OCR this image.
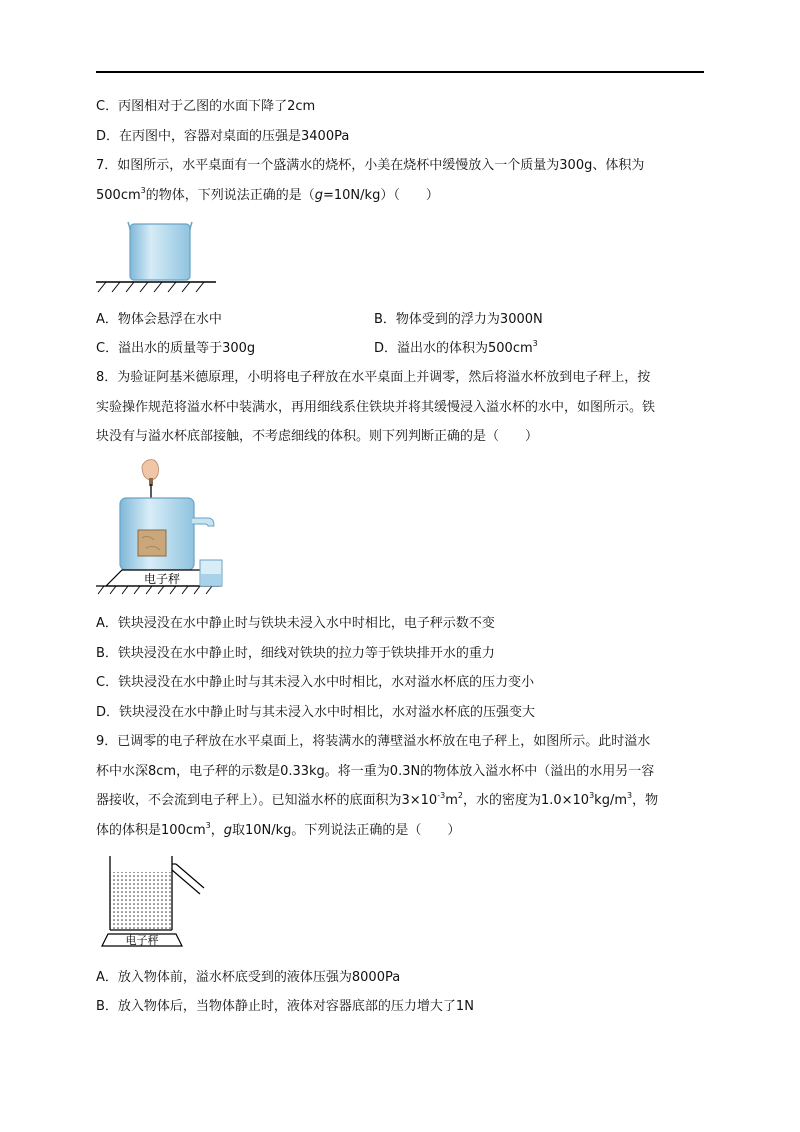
C．丙图相对于乙图的水面下降了2cm
D．在丙图中，容器对桌面的压强是3400Pa
7．如图所示，水平桌面有一个盛满水的烧杯，小美在烧杯中缓慢放入一个质量为300g、体积为
$500cm^3$的物体，下列说法正确的是（g=10N/kg）（　　）
A．物体会悬浮在水中	B．物体受到的浮力为3000N
C．溢出水的质量等于300g	D．溢出水的体积为$500cm^3$
8．为验证阿基米德原理，小明将电子秤放在水平桌面上并调零，然后将溢水杯放到电子秤上，按
实验操作规范将溢水杯中装满水，再用细线系住铁块并将其缓慢浸入溢水杯的水中，如图所示。铁
块没有与溢水杯底部接触，不考虑细线的体积。则下列判断正确的是（　　）
电子秤
A．铁块浸没在水中静止时与铁块未浸入水中时相比，电子秤示数不变
B．铁块浸没在水中静止时，细线对铁块的拉力等于铁块排开水的重力
C．铁块浸没在水中静止时与其未浸入水中时相比，水对溢水杯底的压力变小
D．铁块浸没在水中静止时与其未浸入水中时相比，水对溢水杯底的压强变大
9．已调零的电子秤放在水平桌面上，将装满水的薄壁溢水杯放在电子秤上，如图所示。此时溢水
杯中水深8cm，电子秤的示数是0.33kg。将一重为0.3N的物体放入溢水杯中（溢出的水用另一容
器接收，不会流到电子秤上）。已知溢水杯的底面积为$3\times 10^{-3}m^2$，水的密度为$1.0\times 10^3kg/m^3$，物
体的体积是$100cm^3$，g取10N/kg。下列说法正确的是（　　）
电子秤
A．放入物体前，溢水杯底受到的液体压强为8000Pa
B．放入物体后，当物体静止时，液体对容器底部的压力增大了1N
